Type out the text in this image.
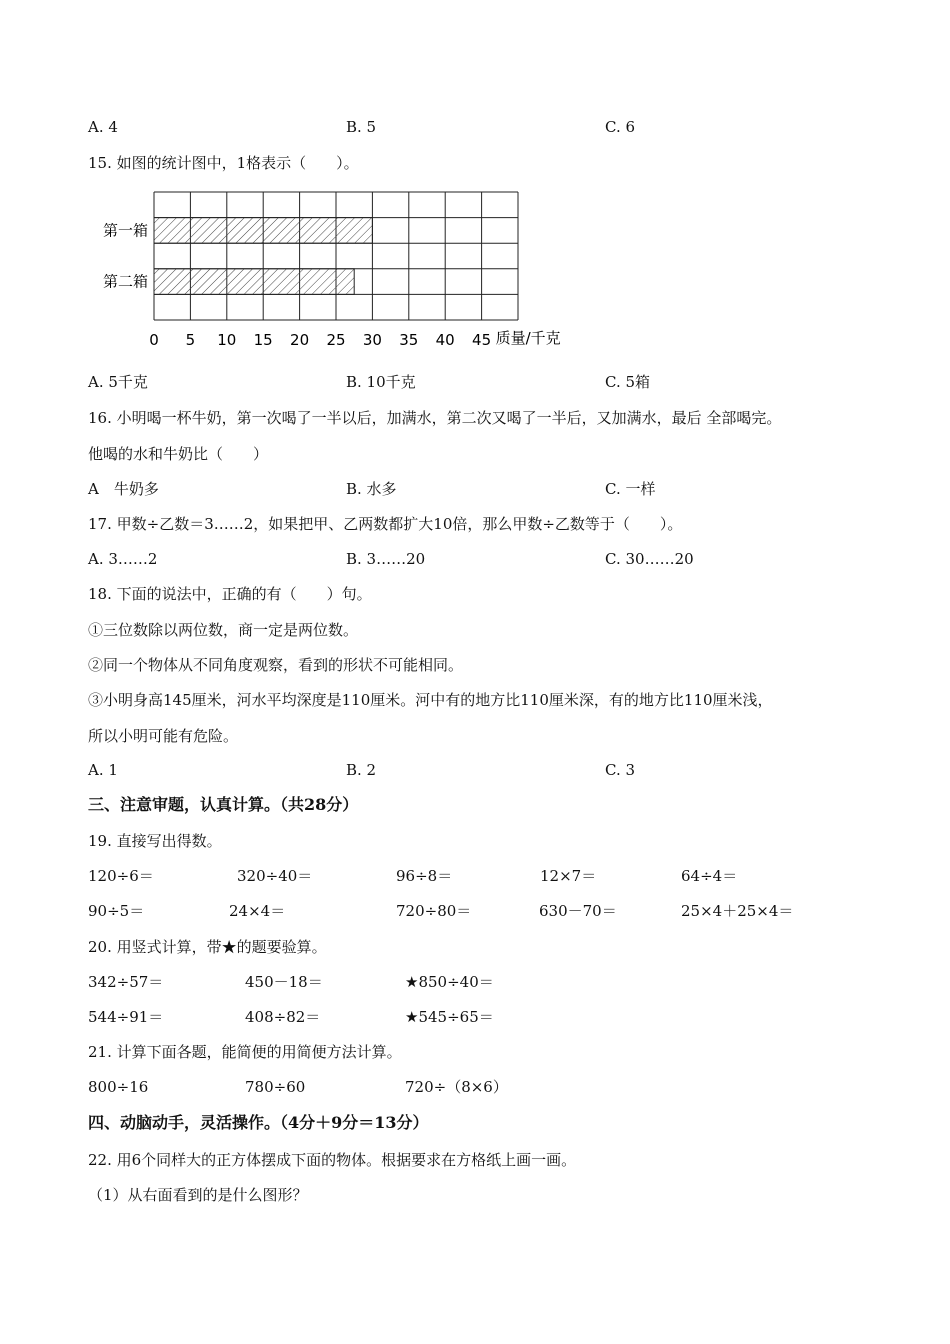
A. 4	B. 5	C. 6
15. 如图的统计图中，1格表示（　　）。
第一箱
第二箱
0 5 10 15 20 25 30 35 40 45 质量/千克
A. 5千克	B. 10千克	C. 5箱
16. 小明喝一杯牛奶，第一次喝了一半以后，加满水，第二次又喝了一半后，又加满水，最后 全部喝完。
他喝的水和牛奶比（　　）
A　牛奶多	B. 水多	C. 一样
17. 甲数÷乙数＝3……2，如果把甲、乙两数都扩大10倍，那么甲数÷乙数等于（　　）。
A. 3……2	B. 3……20	C. 30……20
18. 下面的说法中，正确的有（　　）句。
①三位数除以两位数，商一定是两位数。
②同一个物体从不同角度观察，看到的形状不可能相同。
③小明身高145厘米，河水平均深度是110厘米。河中有的地方比110厘米深，有的地方比110厘米浅，
所以小明可能有危险。
A. 1	B. 2	C. 3
三、注意审题，认真计算。（共28分）
19. 直接写出得数。
120÷6＝	320÷40＝	96÷8＝	12×7＝	64÷4＝
90÷5＝	24×4＝	720÷80＝	630－70＝	25×4＋25×4＝
20. 用竖式计算，带★的题要验算。
342÷57＝	450－18＝	★850÷40＝
544÷91＝	408÷82＝	★545÷65＝
21. 计算下面各题，能简便的用简便方法计算。
800÷16	780÷60	720÷（8×6）
四、动脑动手，灵活操作。（4分＋9分＝13分）
22. 用6个同样大的正方体摆成下面的物体。根据要求在方格纸上画一画。
（1）从右面看到的是什么图形？
